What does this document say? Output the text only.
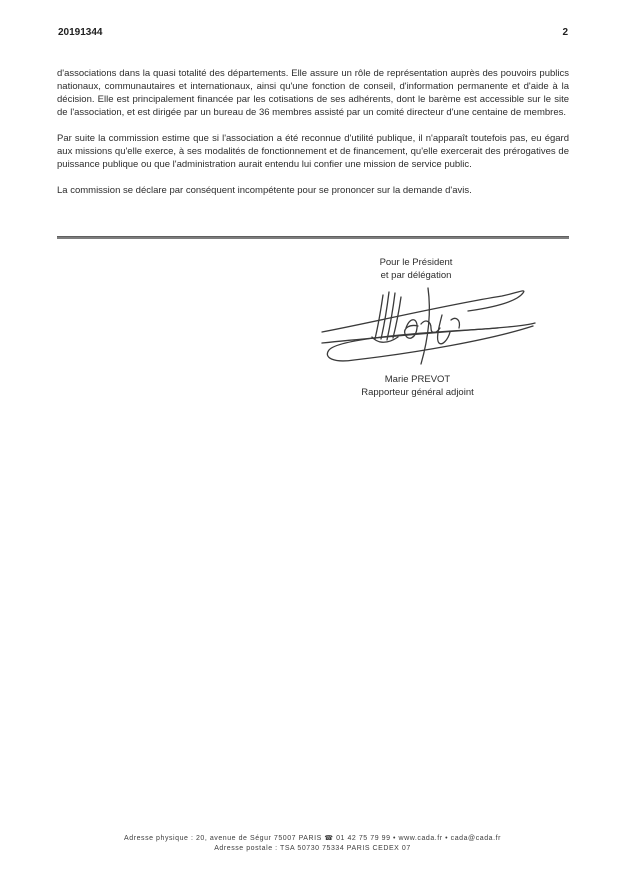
20191344	2

d'associations dans la quasi totalité des départements. Elle assure un rôle de représentation auprès des pouvoirs publics nationaux, communautaires et internationaux, ainsi qu'une fonction de conseil, d'information permanente et d'aide à la décision. Elle est principalement financée par les cotisations de ses adhérents, dont le barème est accessible sur le site de l'association, et est dirigée par un bureau de 36 membres assisté par un comité directeur d'une centaine de membres.

Par suite la commission estime que si l'association a été reconnue d'utilité publique, il n'apparaît toutefois pas, eu égard aux missions qu'elle exerce, à ses modalités de fonctionnement et de financement, qu'elle exercerait des prérogatives de puissance publique ou que l'administration aurait entendu lui confier une mission de service public.

La commission se déclare par conséquent incompétente pour se prononcer sur la demande d'avis.

Pour le Président
et par délégation
Marie PREVOT
Rapporteur général adjoint
Adresse physique : 20, avenue de Ségur 75007 PARIS ☎ 01 42 75 79 99 • www.cada.fr • cada@cada.fr
Adresse postale : TSA 50730 75334 PARIS CEDEX 07
